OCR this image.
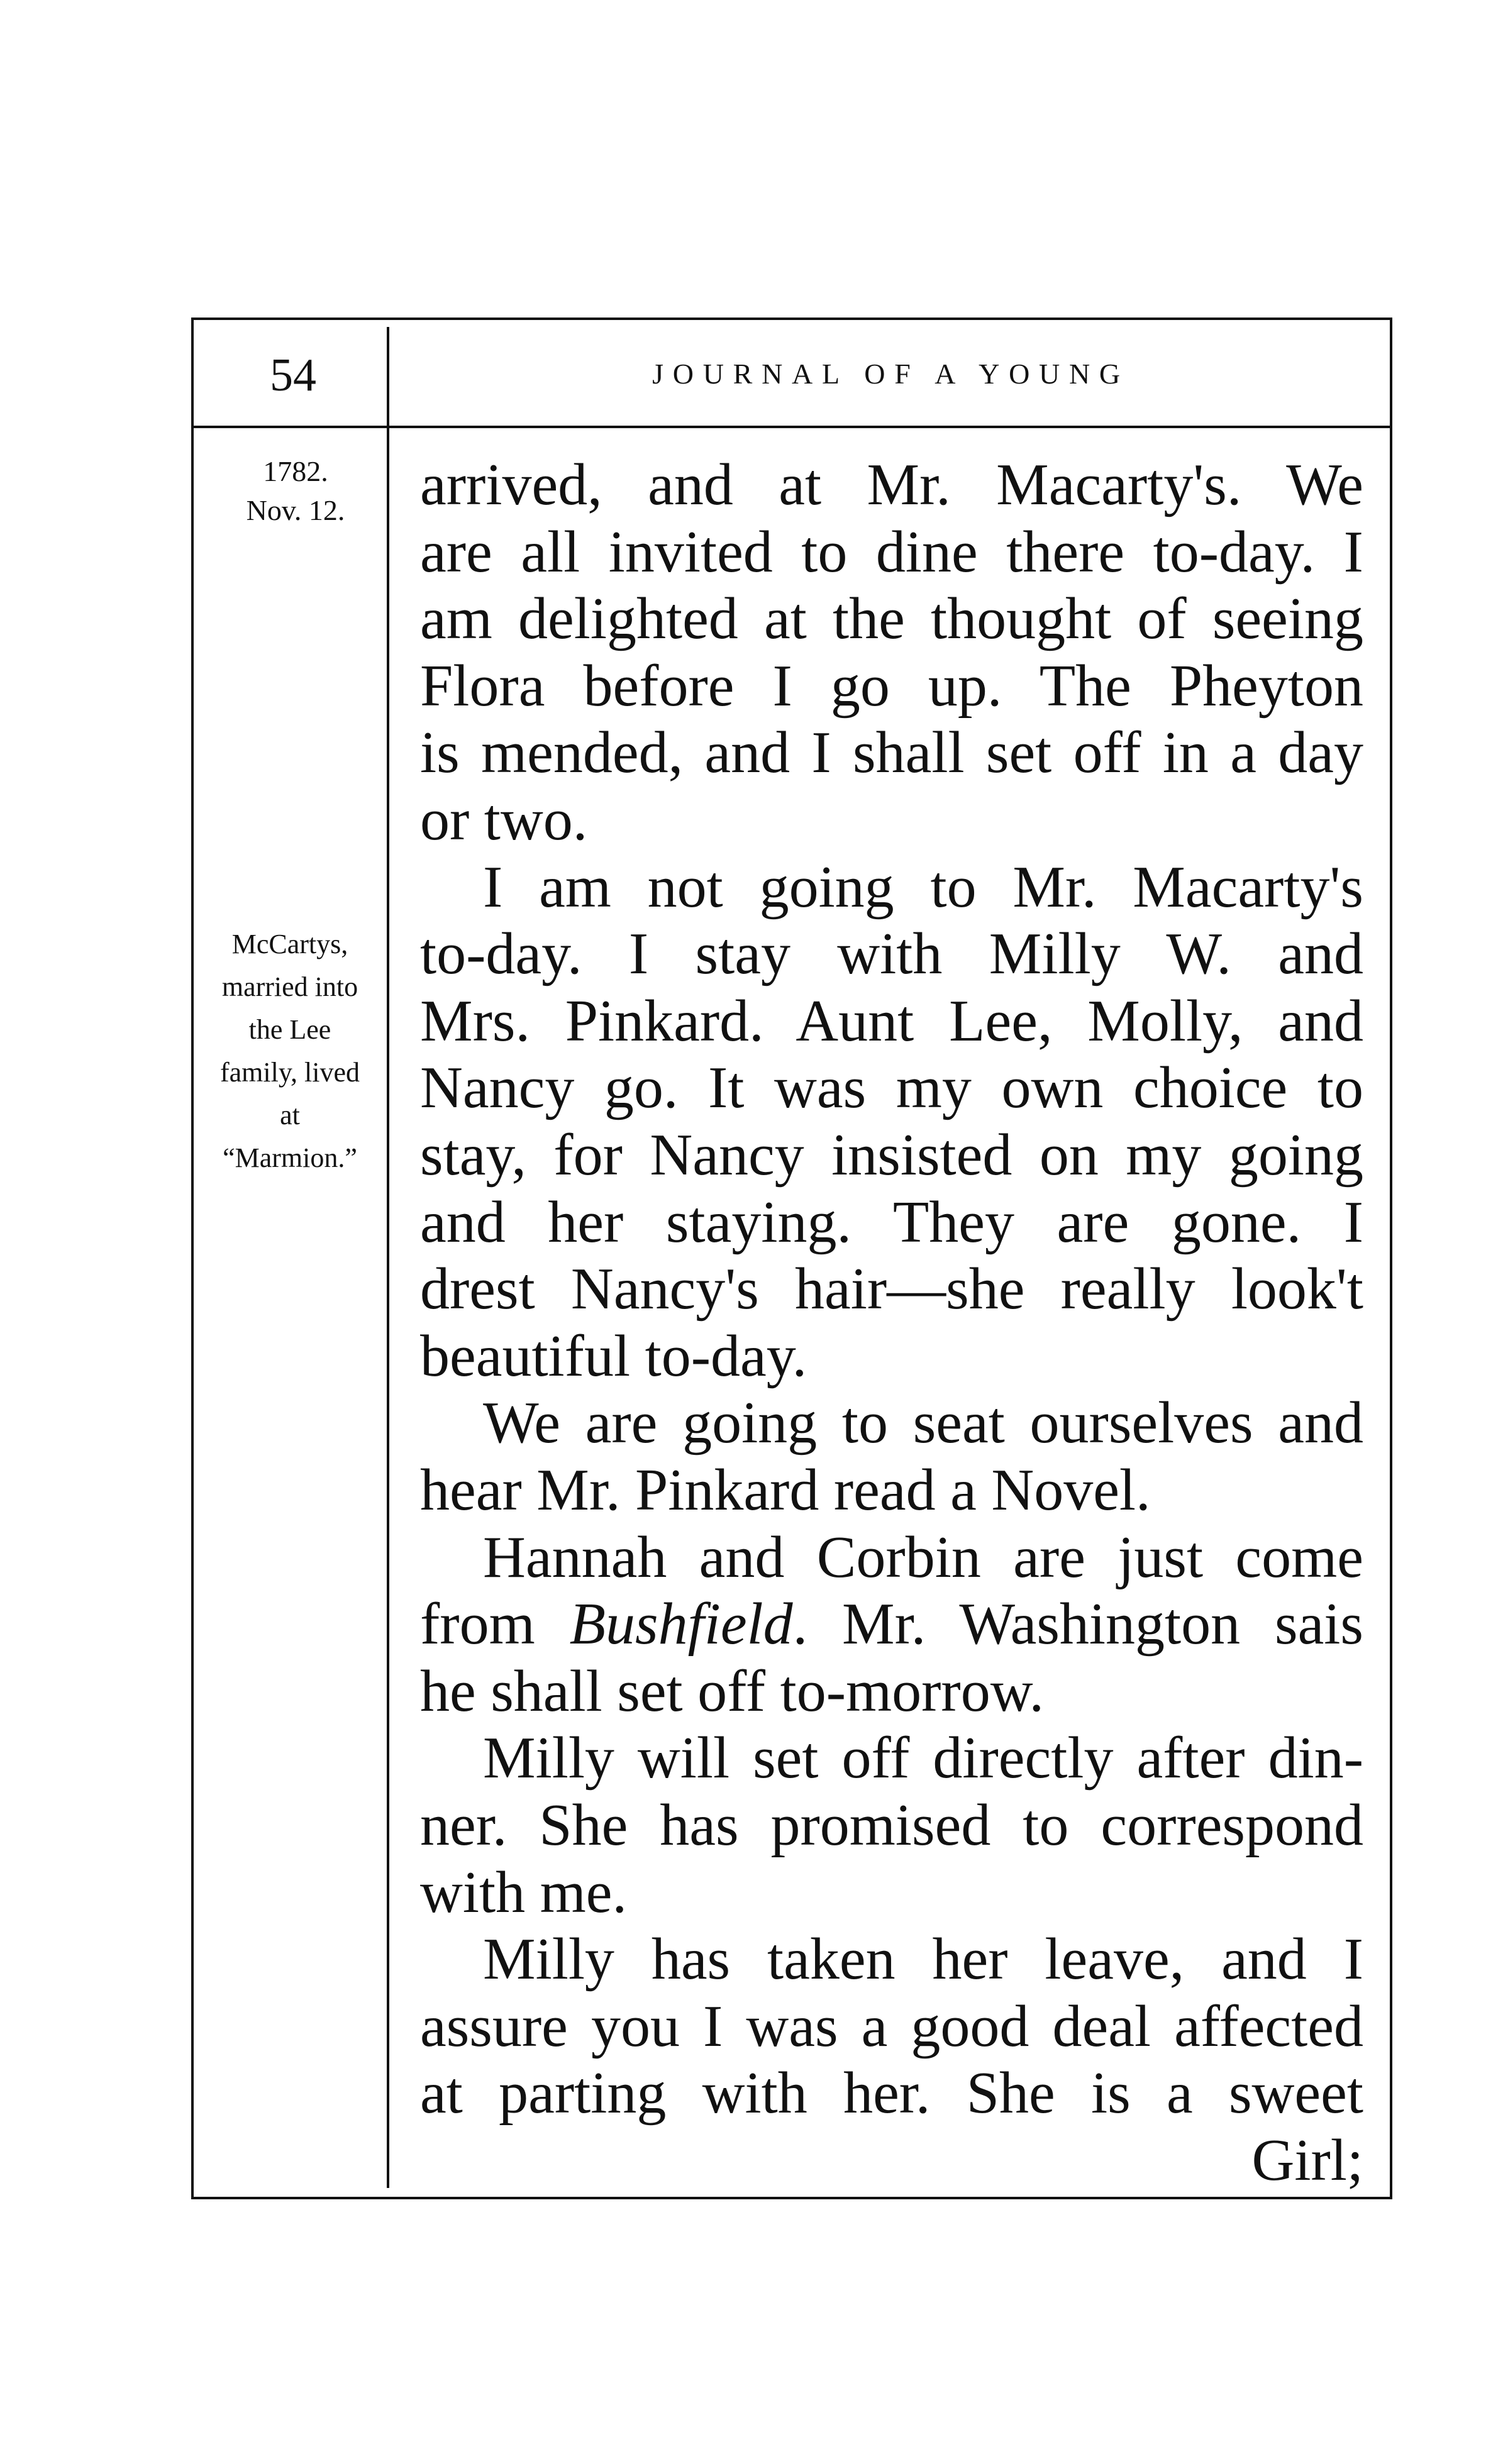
54	JOURNAL OF A YOUNG
1782.
Nov. 12.
McCartys,
married into
the Lee
family, lived
at
“Marmion.”
arrived, and at Mr. Macarty's. We
are all invited to dine there to-day. I
am delighted at the thought of seeing
Flora before I go up. The Pheyton
is mended, and I shall set off in a day
or two.
I am not going to Mr. Macarty's
to-day. I stay with Milly W. and
Mrs. Pinkard. Aunt Lee, Molly, and
Nancy go. It was my own choice to
stay, for Nancy insisted on my going
and her staying. They are gone. I
drest Nancy's hair—she really look't
beautiful to-day.
We are going to seat ourselves and
hear Mr. Pinkard read a Novel.
Hannah and Corbin are just come
from Bushfield. Mr. Washington sais
he shall set off to-morrow.
Milly will set off directly after din-
ner. She has promised to correspond
with me.
Milly has taken her leave, and I
assure you I was a good deal affected
at parting with her. She is a sweet
Girl;
